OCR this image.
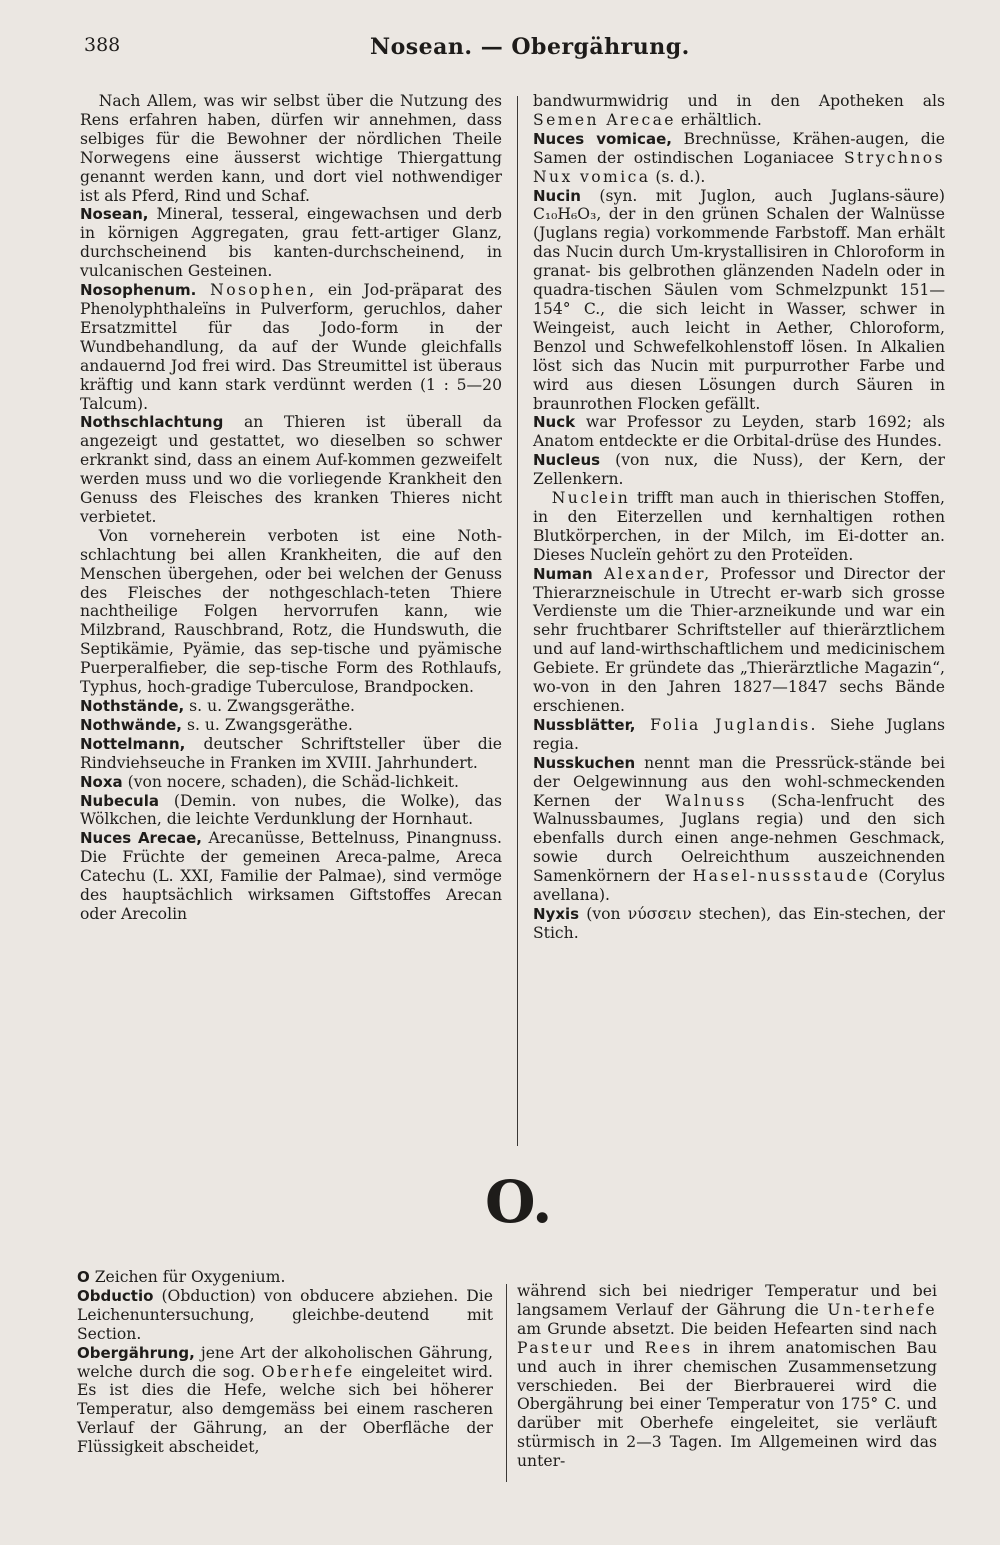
388	Nosean. — Obergährung.

Nach Allem, was wir selbst über die Nutzung des Rens erfahren haben, dürfen wir annehmen, dass selbiges für die Bewohner der nördlichen Theile Norwegens eine äusserst wichtige Thiergattung genannt werden kann, und dort viel nothwendiger ist als Pferd, Rind und Schaf.

Nosean, Mineral, tesseral, eingewachsen und derb in körnigen Aggregaten, grau fett-artiger Glanz, durchscheinend bis kanten-durchscheinend, in vulcanischen Gesteinen.

Nosophenum. Nosophen, ein Jod-präparat des Phenolyphthaleïns in Pulverform, geruchlos, daher Ersatzmittel für das Jodo-form in der Wundbehandlung, da auf der Wunde gleichfalls andauernd Jod frei wird. Das Streumittel ist überaus kräftig und kann stark verdünnt werden (1 : 5—20 Talcum).

Nothschlachtung an Thieren ist überall da angezeigt und gestattet, wo dieselben so schwer erkrankt sind, dass an einem Auf-kommen gezweifelt werden muss und wo die vorliegende Krankheit den Genuss des Fleisches des kranken Thieres nicht verbietet.

Von vorneherein verboten ist eine Noth-schlachtung bei allen Krankheiten, die auf den Menschen übergehen, oder bei welchen der Genuss des Fleisches der nothgeschlach-teten Thiere nachtheilige Folgen hervorrufen kann, wie Milzbrand, Rauschbrand, Rotz, die Hundswuth, die Septikämie, Pyämie, das sep-tische und pyämische Puerperalfieber, die sep-tische Form des Rothlaufs, Typhus, hoch-gradige Tuberculose, Brandpocken.

Nothstände, s. u. Zwangsgeräthe.

Nothwände, s. u. Zwangsgeräthe.

Nottelmann, deutscher Schriftsteller über die Rindviehseuche in Franken im XVIII. Jahrhundert.

Noxa (von nocere, schaden), die Schäd-lichkeit.

Nubecula (Demin. von nubes, die Wolke), das Wölkchen, die leichte Verdunklung der Hornhaut.

Nuces Arecae, Arecanüsse, Bettelnuss, Pinangnuss. Die Früchte der gemeinen Areca-palme, Areca Catechu (L. XXI, Familie der Palmae), sind vermöge des hauptsächlich wirksamen Giftstoffes Arecan oder Arecolin

bandwurmwidrig und in den Apotheken als Semen Arecae erhältlich.

Nuces vomicae, Brechnüsse, Krähen-augen, die Samen der ostindischen Loganiacee Strychnos Nux vomica (s. d.).

Nucin (syn. mit Juglon, auch Juglans-säure) C₁₀H₆O₃, der in den grünen Schalen der Walnüsse (Juglans regia) vorkommende Farbstoff. Man erhält das Nucin durch Um-krystallisiren in Chloroform in granat- bis gelbrothen glänzenden Nadeln oder in quadra-tischen Säulen vom Schmelzpunkt 151—154° C., die sich leicht in Wasser, schwer in Weingeist, auch leicht in Aether, Chloroform, Benzol und Schwefelkohlenstoff lösen. In Alkalien löst sich das Nucin mit purpurrother Farbe und wird aus diesen Lösungen durch Säuren in braunrothen Flocken gefällt.

Nuck war Professor zu Leyden, starb 1692; als Anatom entdeckte er die Orbital-drüse des Hundes.

Nucleus (von nux, die Nuss), der Kern, der Zellenkern.

Nuclein trifft man auch in thierischen Stoffen, in den Eiterzellen und kernhaltigen rothen Blutkörperchen, in der Milch, im Ei-dotter an. Dieses Nucleïn gehört zu den Proteïden.

Numan Alexander, Professor und Director der Thierarzneischule in Utrecht er-warb sich grosse Verdienste um die Thier-arzneikunde und war ein sehr fruchtbarer Schriftsteller auf thierärztlichem und auf land-wirthschaftlichem und medicinischem Gebiete. Er gründete das „Thierärztliche Magazin“, wo-von in den Jahren 1827—1847 sechs Bände erschienen.

Nussblätter, Folia Juglandis. Siehe Juglans regia.

Nusskuchen nennt man die Pressrück-stände bei der Oelgewinnung aus den wohl-schmeckenden Kernen der Walnuss (Scha-lenfrucht des Walnussbaumes, Juglans regia) und den sich ebenfalls durch einen ange-nehmen Geschmack, sowie durch Oelreichthum auszeichnenden Samenkörnern der Hasel-nussstaude (Corylus avellana).

Nyxis (von νύσσειν stechen), das Ein-stechen, der Stich.

O.

O Zeichen für Oxygenium.

Obductio (Obduction) von obducere abziehen. Die Leichenuntersuchung, gleichbe-deutend mit Section.

Obergährung, jene Art der alkoholischen Gährung, welche durch die sog. Oberhefe eingeleitet wird. Es ist dies die Hefe, welche sich bei höherer Temperatur, also demgemäss bei einem rascheren Verlauf der Gährung, an der Oberfläche der Flüssigkeit abscheidet,

während sich bei niedriger Temperatur und bei langsamem Verlauf der Gährung die Un-terhefe am Grunde absetzt. Die beiden Hefearten sind nach Pasteur und Rees in ihrem anatomischen Bau und auch in ihrer chemischen Zusammensetzung verschieden. Bei der Bierbrauerei wird die Obergährung bei einer Temperatur von 175° C. und darüber mit Oberhefe eingeleitet, sie verläuft stürmisch in 2—3 Tagen. Im Allgemeinen wird das unter-
